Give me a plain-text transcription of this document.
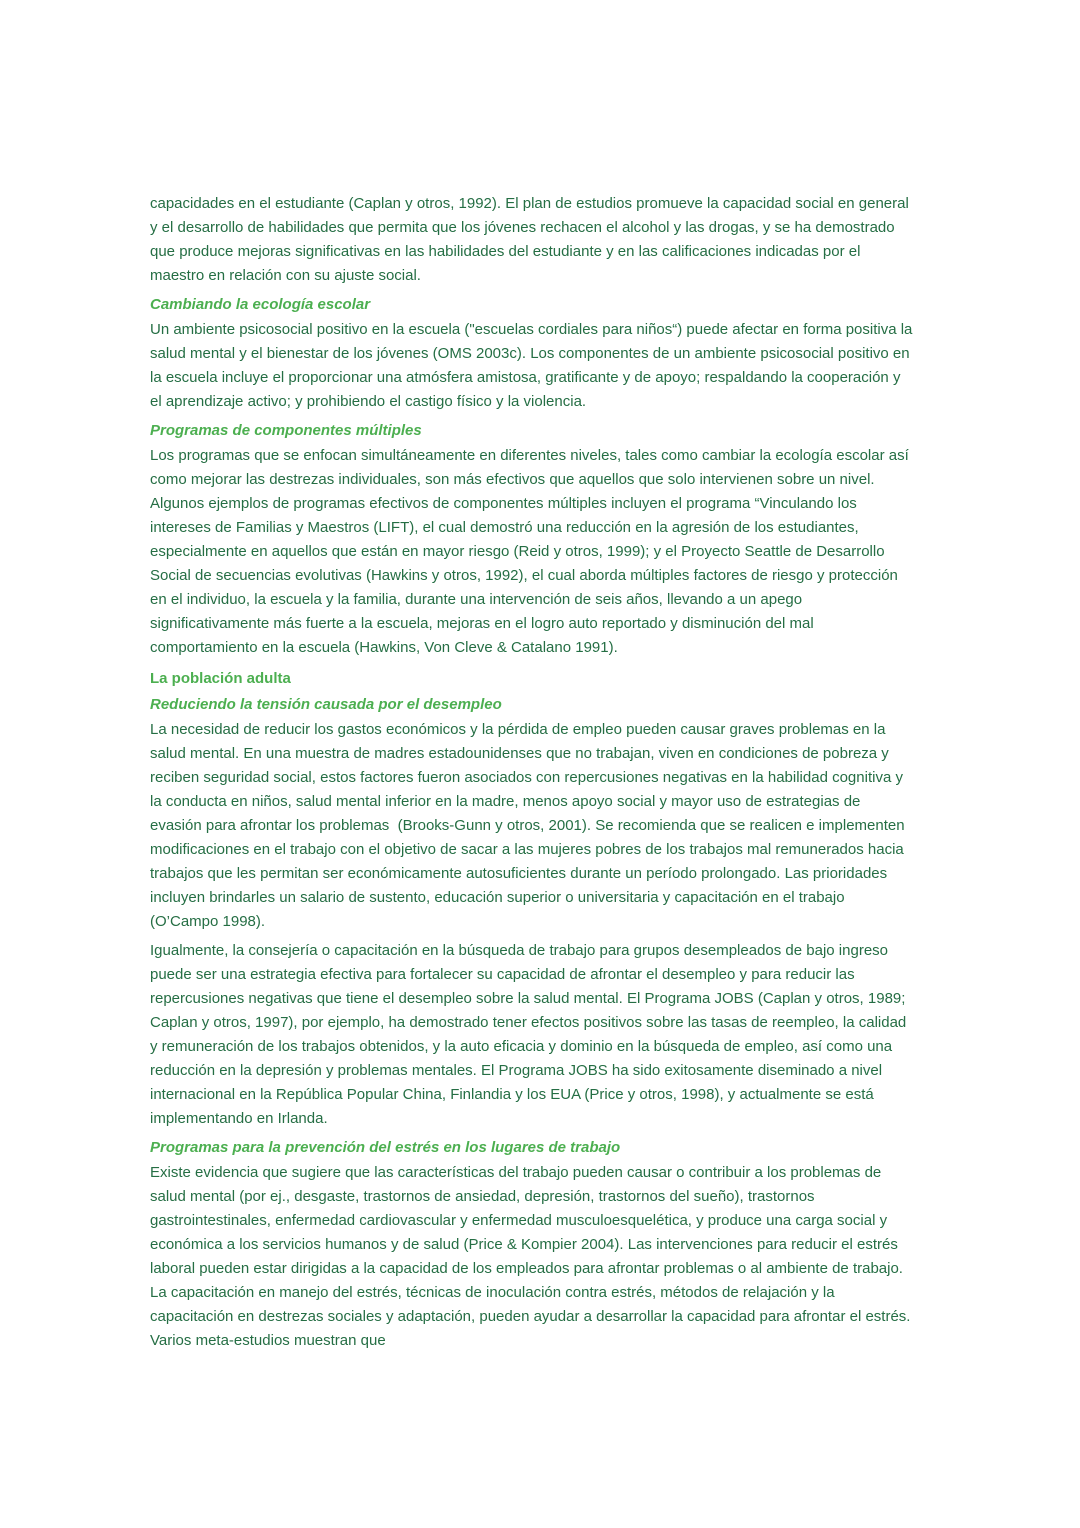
capacidades en el estudiante (Caplan y otros, 1992). El plan de estudios promueve la capacidad social en general y el desarrollo de habilidades que permita que los jóvenes rechacen el alcohol y las drogas, y se ha demostrado que produce mejoras significativas en las habilidades del estudiante y en las calificaciones indicadas por el maestro en relación con su ajuste social.

Cambiando la ecología escolar

Un ambiente psicosocial positivo en la escuela ("escuelas cordiales para niños“) puede afectar en forma positiva la salud mental y el bienestar de los jóvenes (OMS 2003c). Los componentes de un ambiente psicosocial positivo en la escuela incluye el proporcionar una atmósfera amistosa, gratificante y de apoyo; respaldando la cooperación y el aprendizaje activo; y prohibiendo el castigo físico y la violencia.

Programas de componentes múltiples

Los programas que se enfocan simultáneamente en diferentes niveles, tales como cambiar la ecología escolar así como mejorar las destrezas individuales, son más efectivos que aquellos que solo intervienen sobre un nivel.  Algunos ejemplos de programas efectivos de componentes múltiples incluyen el programa “Vinculando los intereses de Familias y Maestros (LIFT), el cual demostró una reducción en la agresión de los estudiantes, especialmente en aquellos que están en mayor riesgo (Reid y otros, 1999); y el Proyecto Seattle de Desarrollo Social de secuencias evolutivas (Hawkins y otros, 1992), el cual aborda múltiples factores de riesgo y protección en el individuo, la escuela y la familia, durante una intervención de seis años, llevando a un apego significativamente más fuerte a la escuela, mejoras en el logro auto reportado y disminución del mal comportamiento en la escuela (Hawkins, Von Cleve & Catalano 1991).

La población adulta
Reduciendo la tensión causada por el desempleo

La necesidad de reducir los gastos económicos y la pérdida de empleo pueden causar graves problemas en la salud mental. En una muestra de madres estadounidenses que no trabajan, viven en condiciones de pobreza y reciben seguridad social, estos factores fueron asociados con repercusiones negativas en la habilidad cognitiva y la conducta en niños, salud mental inferior en la madre, menos apoyo social y mayor uso de estrategias de evasión para afrontar los problemas  (Brooks-Gunn y otros, 2001). Se recomienda que se realicen e implementen modificaciones en el trabajo con el objetivo de sacar a las mujeres pobres de los trabajos mal remunerados hacia trabajos que les permitan ser económicamente autosuficientes durante un período prolongado. Las prioridades incluyen brindarles un salario de sustento, educación superior o universitaria y capacitación en el trabajo (O’Campo 1998).

Igualmente, la consejería o capacitación en la búsqueda de trabajo para grupos desempleados de bajo ingreso puede ser una estrategia efectiva para fortalecer su capacidad de afrontar el desempleo y para reducir las repercusiones negativas que tiene el desempleo sobre la salud mental. El Programa JOBS (Caplan y otros, 1989; Caplan y otros, 1997), por ejemplo, ha demostrado tener efectos positivos sobre las tasas de reempleo, la calidad y remuneración de los trabajos obtenidos, y la auto eficacia y dominio en la búsqueda de empleo, así como una reducción en la depresión y problemas mentales. El Programa JOBS ha sido exitosamente diseminado a nivel internacional en la República Popular China, Finlandia y los EUA (Price y otros, 1998), y actualmente se está implementando en Irlanda.

Programas para la prevención del estrés en los lugares de trabajo

Existe evidencia que sugiere que las características del trabajo pueden causar o contribuir a los problemas de salud mental (por ej., desgaste, trastornos de ansiedad, depresión, trastornos del sueño), trastornos gastrointestinales, enfermedad cardiovascular y enfermedad musculoesquelética, y produce una carga social y económica a los servicios humanos y de salud (Price & Kompier 2004). Las intervenciones para reducir el estrés laboral pueden estar dirigidas a la capacidad de los empleados para afrontar problemas o al ambiente de trabajo. La capacitación en manejo del estrés, técnicas de inoculación contra estrés, métodos de relajación y la capacitación en destrezas sociales y adaptación, pueden ayudar a desarrollar la capacidad para afrontar el estrés.  Varios meta-estudios muestran que
